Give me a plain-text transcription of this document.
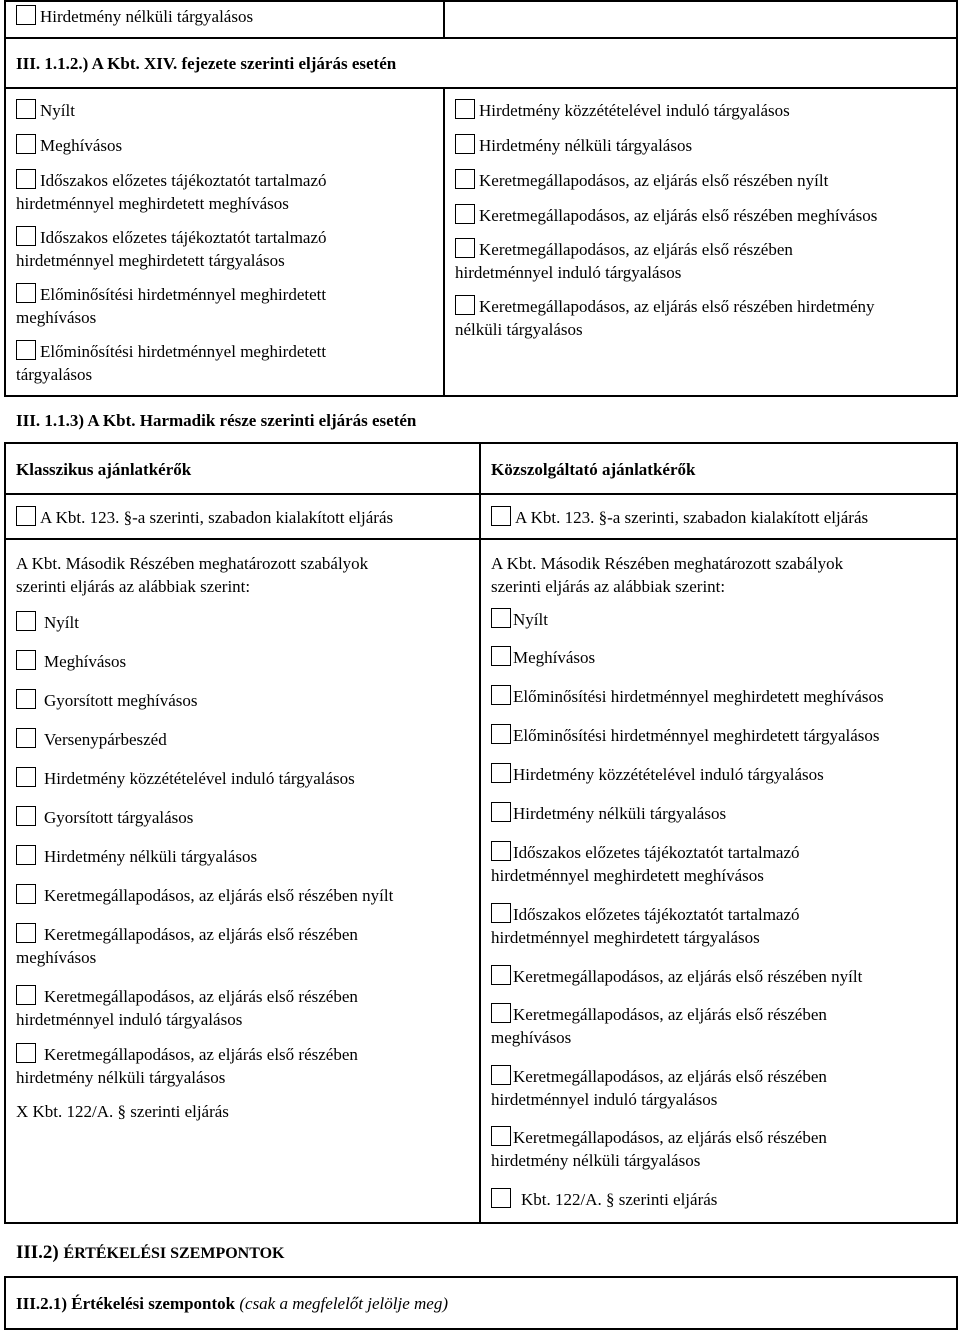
Hirdetmény nélküli tárgyalásos
III. 1.1.2.) A Kbt. XIV. fejezete szerinti eljárás esetén
Nyílt
Meghívásos
Időszakos előzetes tájékoztatót tartalmazó
hirdetménnyel meghirdetett meghívásos
Időszakos előzetes tájékoztatót tartalmazó
hirdetménnyel meghirdetett tárgyalásos
Előminősítési hirdetménnyel meghirdetett
meghívásos
Előminősítési hirdetménnyel meghirdetett
tárgyalásos
Hirdetmény közzétételével induló tárgyalásos
Hirdetmény nélküli tárgyalásos
Keretmegállapodásos, az eljárás első részében nyílt
Keretmegállapodásos, az eljárás első részében meghívásos
Keretmegállapodásos, az eljárás első részében
hirdetménnyel induló tárgyalásos
Keretmegállapodásos, az eljárás első részében hirdetmény
nélküli tárgyalásos
III. 1.1.3) A Kbt. Harmadik része szerinti eljárás esetén
Klasszikus ajánlatkérők	Közszolgáltató ajánlatkérők
A Kbt. 123. §-a szerinti, szabadon kialakított eljárás	A Kbt. 123. §-a szerinti, szabadon kialakított eljárás
A Kbt. Második Részében meghatározott szabályok
szerinti eljárás az alábbiak szerint:
A Kbt. Második Részében meghatározott szabályok
szerinti eljárás az alábbiak szerint:
Nyílt
Meghívásos
Gyorsított meghívásos
Versenypárbeszéd
Hirdetmény közzétételével induló tárgyalásos
Gyorsított tárgyalásos
Hirdetmény nélküli tárgyalásos
Keretmegállapodásos, az eljárás első részében nyílt
Keretmegállapodásos, az eljárás első részében
meghívásos
Keretmegállapodásos, az eljárás első részében
hirdetménnyel induló tárgyalásos
Keretmegállapodásos, az eljárás első részében
hirdetmény nélküli tárgyalásos
Nyílt
Meghívásos
Előminősítési hirdetménnyel meghirdetett meghívásos
Előminősítési hirdetménnyel meghirdetett tárgyalásos
Hirdetmény közzétételével induló tárgyalásos
Hirdetmény nélküli tárgyalásos
Időszakos előzetes tájékoztatót tartalmazó
hirdetménnyel meghirdetett meghívásos
Időszakos előzetes tájékoztatót tartalmazó
hirdetménnyel meghirdetett tárgyalásos
Keretmegállapodásos, az eljárás első részében nyílt
Keretmegállapodásos, az eljárás első részében
meghívásos
Keretmegállapodásos, az eljárás első részében
hirdetménnyel induló tárgyalásos
Keretmegállapodásos, az eljárás első részében
hirdetmény nélküli tárgyalásos
X Kbt. 122/A. § szerinti eljárás
Kbt. 122/A. § szerinti eljárás
III.2) ÉRTÉKELÉSI SZEMPONTOK
III.2.1) Értékelési szempontok (csak a megfelelőt jelölje meg)
